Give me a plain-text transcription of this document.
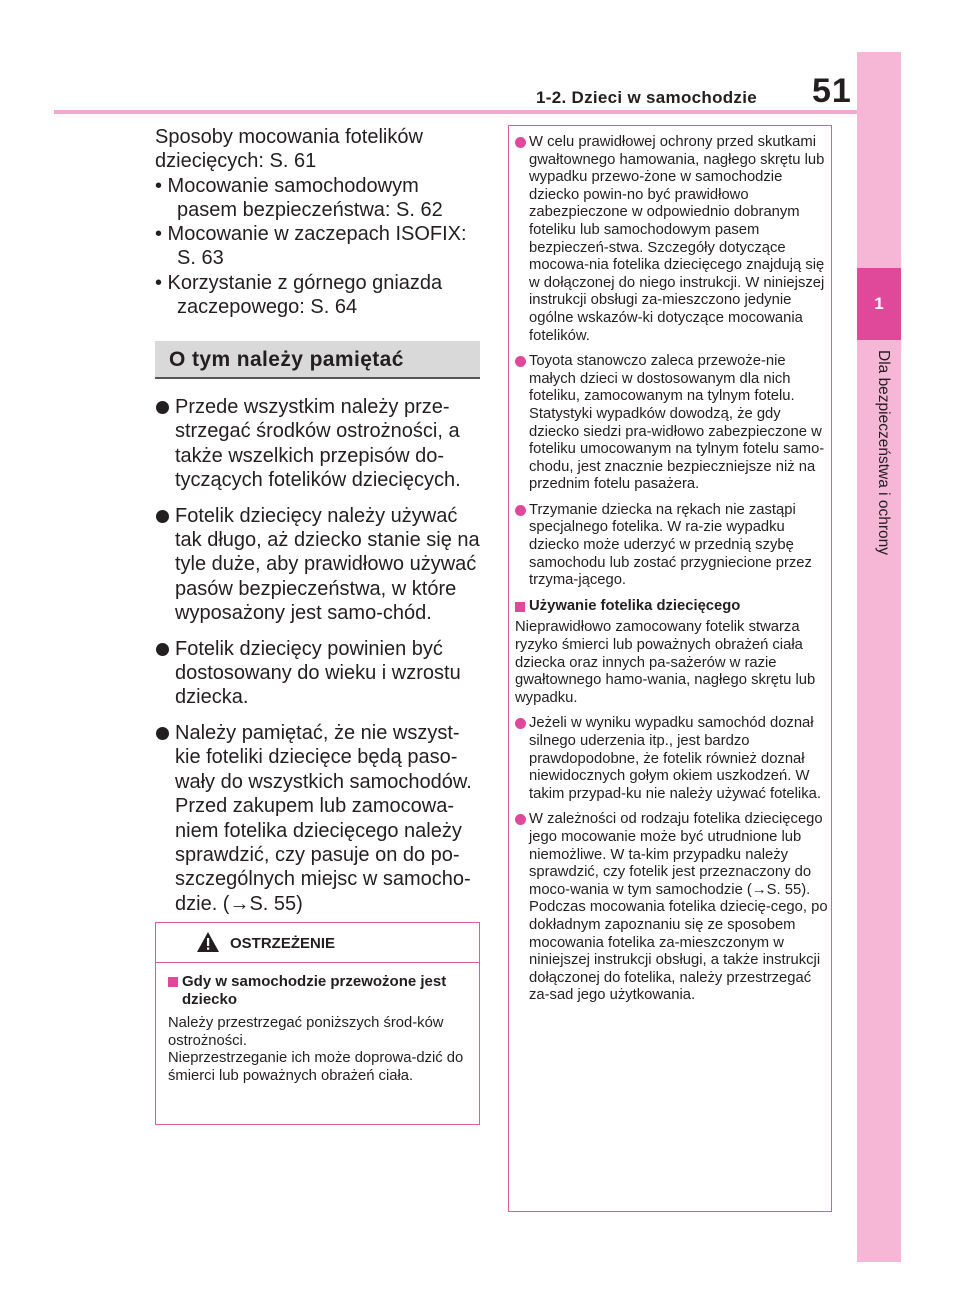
1-2. Dzieci w samochodzie 51
1
Dla bezpieczeństwa i ochrony
Sposoby mocowania fotelików
dziecięcych: S. 61
• Mocowanie samochodowym
pasem bezpieczeństwa: S. 62
• Mocowanie w zaczepach ISOFIX:
S. 63
• Korzystanie z górnego gniazda
zaczepowego: S. 64
O tym należy pamiętać
Przede wszystkim należy prze-strzegać środków ostrożności, a także wszelkich przepisów do-tyczących fotelików dziecięcych.
Fotelik dziecięcy należy używać tak długo, aż dziecko stanie się na tyle duże, aby prawidłowo używać pasów bezpieczeństwa, w które wyposażony jest samo-chód.
Fotelik dziecięcy powinien być dostosowany do wieku i wzrostu dziecka.
Należy pamiętać, że nie wszyst-kie foteliki dziecięce będą paso-wały do wszystkich samochodów. Przed zakupem lub zamocowa-niem fotelika dziecięcego należy sprawdzić, czy pasuje on do po-szczególnych miejsc w samocho-dzie. (→S. 55)
OSTRZEŻENIE
Gdy w samochodzie przewożone jest dziecko
Należy przestrzegać poniższych środ-ków ostrożności.
Nieprzestrzeganie ich może doprowa-dzić do śmierci lub poważnych obrażeń ciała.
W celu prawidłowej ochrony przed skutkami gwałtownego hamowania, nagłego skrętu lub wypadku przewo-żone w samochodzie dziecko powin-no być prawidłowo zabezpieczone w odpowiednio dobranym foteliku lub samochodowym pasem bezpieczeń-stwa. Szczegóły dotyczące mocowa-nia fotelika dziecięcego znajdują się w dołączonej do niego instrukcji. W niniejszej instrukcji obsługi za-mieszczono jedynie ogólne wskazów-ki dotyczące mocowania fotelików.
Toyota stanowczo zaleca przewoże-nie małych dzieci w dostosowanym dla nich foteliku, zamocowanym na tylnym fotelu. Statystyki wypadków dowodzą, że gdy dziecko siedzi pra-widłowo zabezpieczone w foteliku umocowanym na tylnym fotelu samo-chodu, jest znacznie bezpieczniejsze niż na przednim fotelu pasażera.
Trzymanie dziecka na rękach nie zastąpi specjalnego fotelika. W ra-zie wypadku dziecko może uderzyć w przednią szybę samochodu lub zostać przygniecione przez trzyma-jącego.
Używanie fotelika dziecięcego
Nieprawidłowo zamocowany fotelik stwarza ryzyko śmierci lub poważnych obrażeń ciała dziecka oraz innych pa-sażerów w razie gwałtownego hamo-wania, nagłego skrętu lub wypadku.
Jeżeli w wyniku wypadku samochód doznał silnego uderzenia itp., jest bardzo prawdopodobne, że fotelik również doznał niewidocznych gołym okiem uszkodzeń. W takim przypad-ku nie należy używać fotelika.
W zależności od rodzaju fotelika dziecięcego jego mocowanie może być utrudnione lub niemożliwe. W ta-kim przypadku należy sprawdzić, czy fotelik jest przeznaczony do moco-wania w tym samochodzie (→S. 55). Podczas mocowania fotelika dziecię-cego, po dokładnym zapoznaniu się ze sposobem mocowania fotelika za-mieszczonym w niniejszej instrukcji obsługi, a także instrukcji dołączonej do fotelika, należy przestrzegać za-sad jego użytkowania.
